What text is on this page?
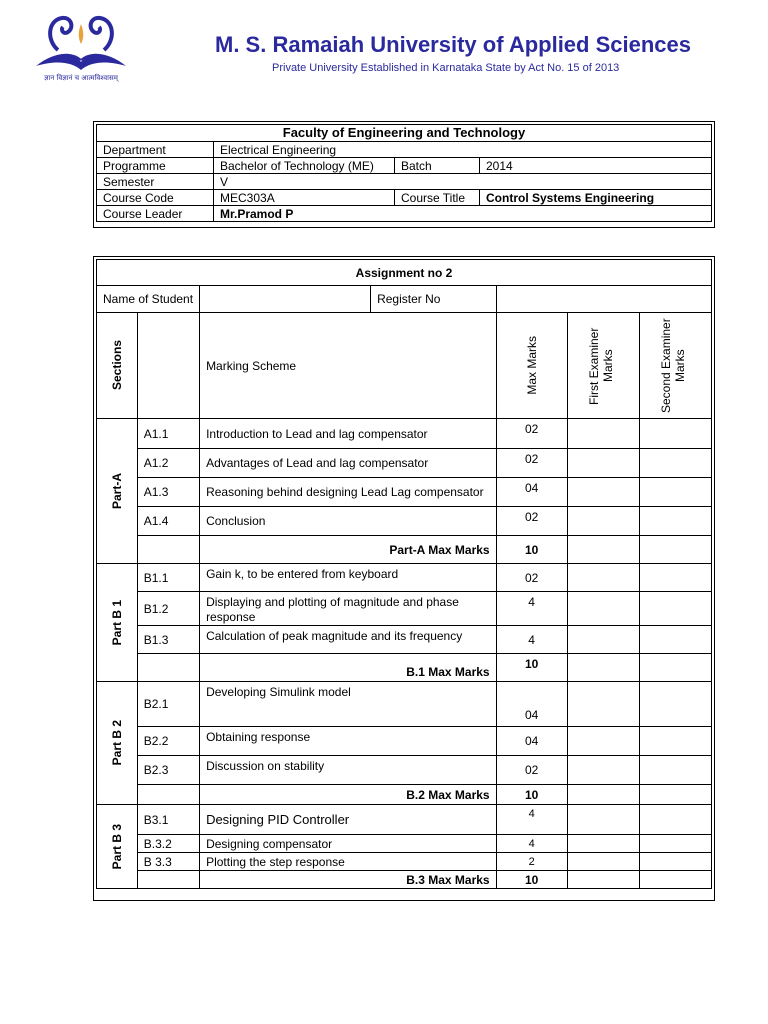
ज्ञान विज्ञानं च आत्मविश्वासम्
M. S. Ramaiah University of Applied Sciences
Private University Established in Karnataka State by Act No. 15 of 2013
Faculty of Engineering and Technology			
Department	Electrical Engineering		
Programme	Bachelor of Technology (ME)	Batch	2014
Semester	V		
Course Code	MEC303A	Course Title	Control Systems Engineering
Course Leader	Mr.Pramod P		
Assignment no 2					
Name of Student		Register No			

Sections		Marking Scheme	Max Marks	First Examiner Marks	Second Examiner Marks

Part-A	A1.1	Introduction to Lead and lag compensator	02		
	A1.2	Advantages of Lead and lag compensator	02		
	A1.3	Reasoning behind designing Lead Lag compensator	04		
	A1.4	Conclusion	02		
		Part-A Max Marks	10		

Part B 1	B1.1	Gain k, to be entered from keyboard	02		
	B1.2	Displaying and plotting of magnitude and phase response	4		
	B1.3	Calculation of peak magnitude and its frequency	4		
		B.1 Max Marks	10		

Part B 2	B2.1	Developing Simulink model	04		
	B2.2	Obtaining response	04		
	B2.3	Discussion on stability	02		
		B.2 Max Marks	10		

Part B 3	B3.1	Designing PID Controller	4		
	B.3.2	Designing compensator	4		
	B 3.3	Plotting the step response	2		
		B.3 Max Marks	10		
